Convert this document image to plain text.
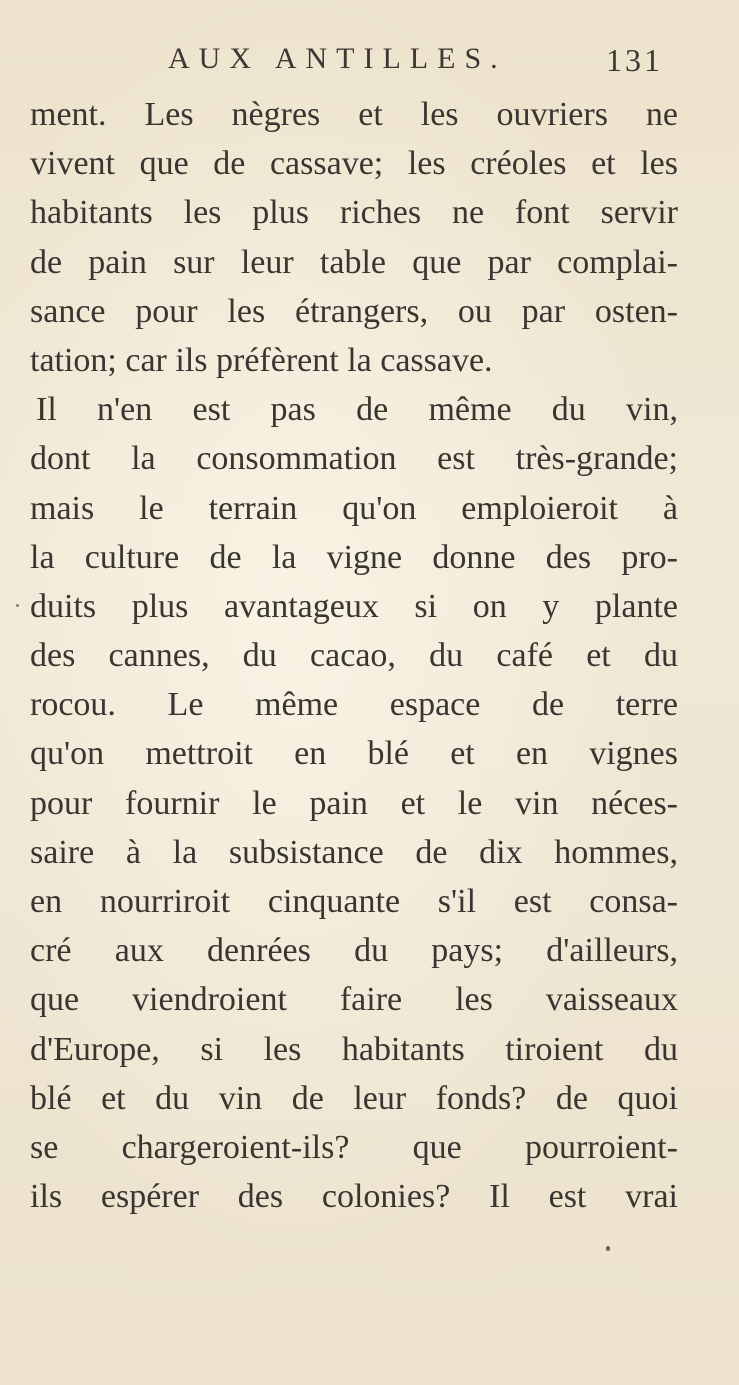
AUX ANTILLES.	131
ment. Les nègres et les ouvriers ne
vivent que de cassave; les créoles et les
habitants les plus riches ne font servir
de pain sur leur table que par complai-
sance pour les étrangers, ou par osten-
tation; car ils préfèrent la cassave.
Il n'en est pas de même du vin,
dont la consommation est très-grande;
mais le terrain qu'on emploieroit à
la culture de la vigne donne des pro-
duits plus avantageux si on y plante
des cannes, du cacao, du café et du
rocou. Le même espace de terre
qu'on mettroit en blé et en vignes
pour fournir le pain et le vin néces-
saire à la subsistance de dix hommes,
en nourriroit cinquante s'il est consa-
cré aux denrées du pays; d'ailleurs,
que viendroient faire les vaisseaux
d'Europe, si les habitants tiroient du
blé et du vin de leur fonds? de quoi
se chargeroient-ils? que pourroient-
ils espérer des colonies? Il est vrai
